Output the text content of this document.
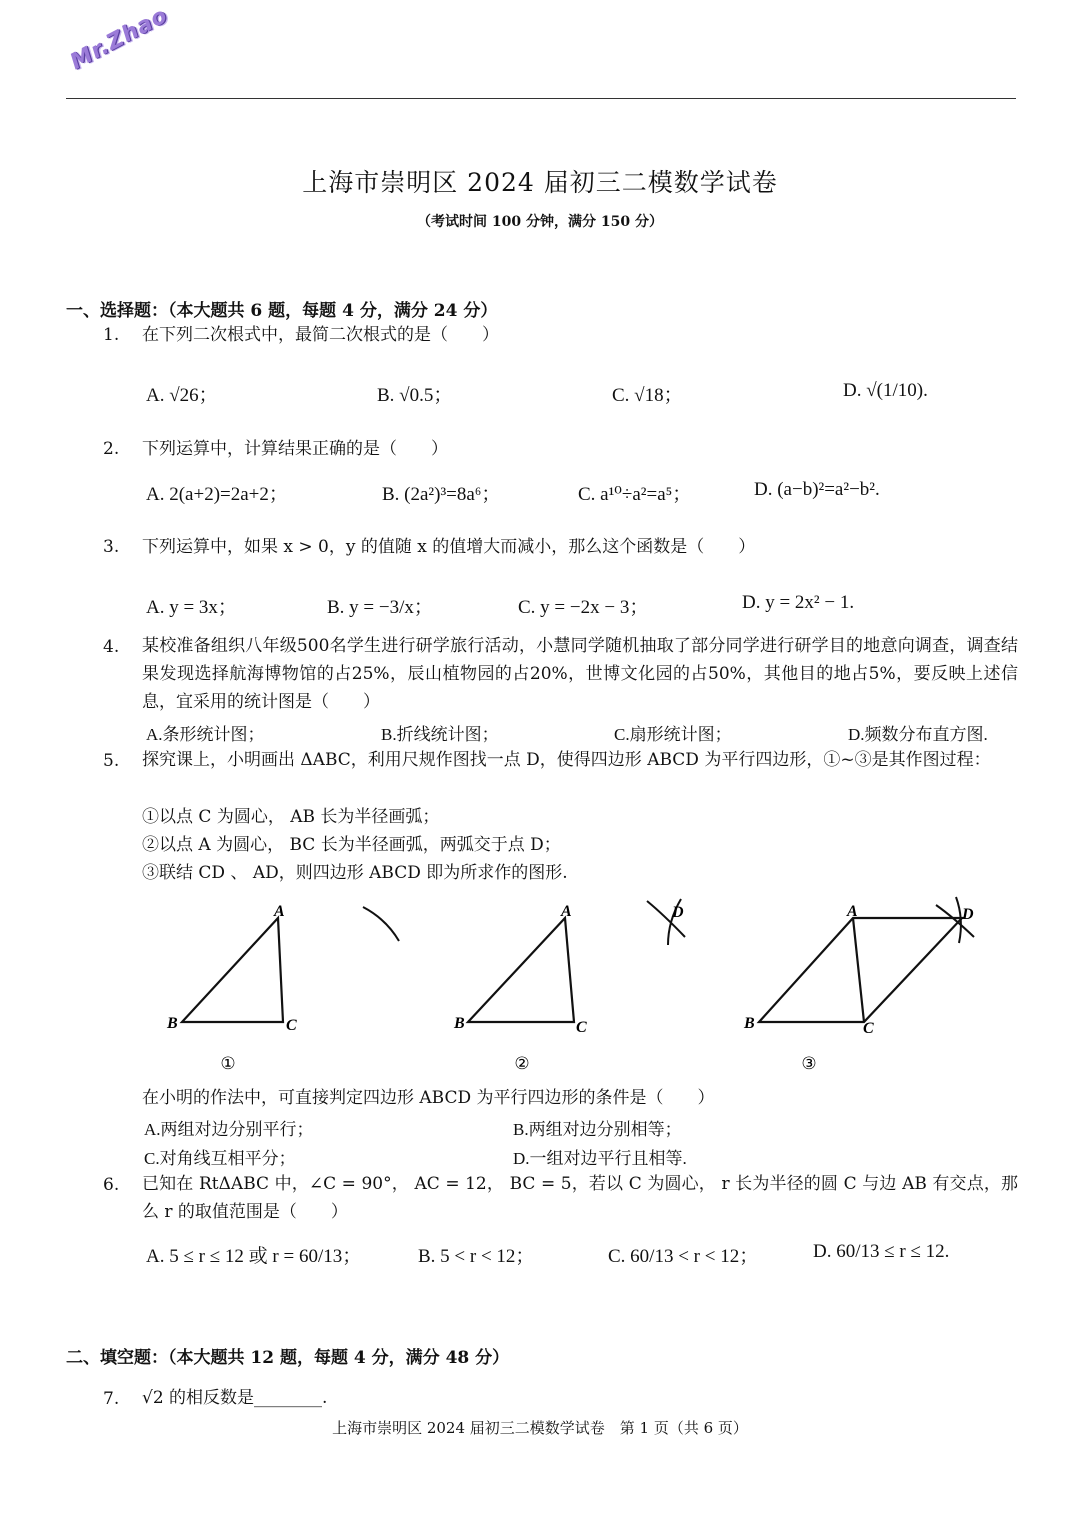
Mr.Zhao
上海市崇明区 2024 届初三二模数学试卷
（考试时间 100 分钟，满分 150 分）
一、选择题：（本大题共 6 题，每题 4 分，满分 24 分）
1. 在下列二次根式中，最简二次根式的是（　　）
A. √26；	B. √0.5；	C. √18；	D. √(1/10).
2. 下列运算中，计算结果正确的是（　　）
A. 2(a+2)=2a+2；	B. (2a²)³=8a⁶；	C. a¹⁰÷a²=a⁵；	D. (a−b)²=a²−b².
3. 下列运算中，如果 x > 0，y 的值随 x 的值增大而减小，那么这个函数是（　　）
A. y = 3x；	B. y = −3/x；	C. y = −2x − 3；	D. y = 2x² − 1.
4. 某校准备组织八年级500名学生进行研学旅行活动，小慧同学随机抽取了部分同学进行研学目的地意向调查，调查结果发现选择航海博物馆的占25%，辰山植物园的占20%，世博文化园的占50%，其他目的地占5%，要反映上述信息，宜采用的统计图是（　　）
A.条形统计图；	B.折线统计图；	C.扇形统计图；	D.频数分布直方图.
5. 探究课上，小明画出 ΔABC，利用尺规作图找一点 D，使得四边形 ABCD 为平行四边形，①~③是其作图过程：
①以点 C 为圆心， AB 长为半径画弧；
②以点 A 为圆心， BC 长为半径画弧，两弧交于点 D；
③联结 CD 、 AD，则四边形 ABCD 即为所求作的图形.
A
B	C
①
A
B	C
D
②
A
B	C
D
③
在小明的作法中，可直接判定四边形 ABCD 为平行四边形的条件是（　　）
A.两组对边分别平行；	B.两组对边分别相等；
C.对角线互相平分；	D.一组对边平行且相等.
6. 已知在 RtΔABC 中，∠C = 90°， AC = 12， BC = 5，若以 C 为圆心， r 长为半径的圆 C 与边 AB 有交点，那么 r 的取值范围是（　　）
A. 5 ≤ r ≤ 12 或 r = 60/13；	B. 5 < r < 12；	C. 60/13 < r < 12；	D. 60/13 ≤ r ≤ 12.
二、填空题：（本大题共 12 题，每题 4 分，满分 48 分）
7. √2 的相反数是________.
上海市崇明区 2024 届初三二模数学试卷　第 1 页（共 6 页）
